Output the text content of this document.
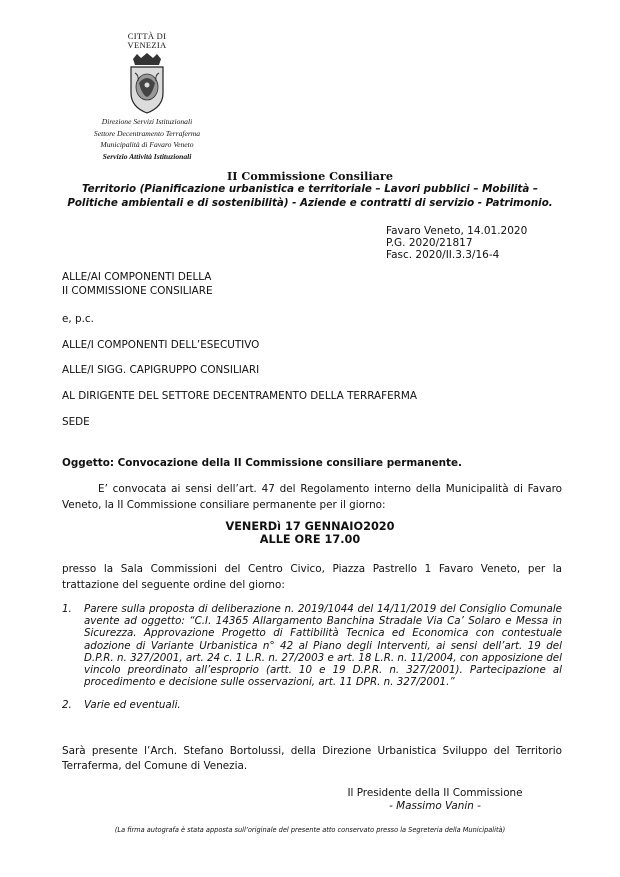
CITTÀ DI
VENEZIA
Direzione Servizi Istituzionali
Settore Decentramento Terraferma
Municipalità di Favaro Veneto
Servizio Attività Istituzionali
II Commissione Consiliare
Territorio (Pianificazione urbanistica e territoriale – Lavori pubblici – Mobilità –
Politiche ambientali e di sostenibilità) - Aziende e contratti di servizio - Patrimonio.
Favaro Veneto, 14.01.2020
P.G. 2020/21817
Fasc. 2020/II.3.3/16-4
ALLE/AI COMPONENTI DELLA
II COMMISSIONE CONSILIARE
e, p.c.
ALLE/I COMPONENTI DELL’ESECUTIVO
ALLE/I SIGG. CAPIGRUPPO CONSILIARI
AL DIRIGENTE DEL SETTORE DECENTRAMENTO DELLA TERRAFERMA
SEDE
Oggetto: Convocazione della II Commissione consiliare permanente.
E’ convocata ai sensi dell’art. 47 del Regolamento interno della Municipalità di Favaro Veneto, la II Commissione consiliare permanente per il giorno:
VENERDì 17 GENNAIO2020
ALLE ORE 17.00
presso la Sala Commissioni del Centro Civico, Piazza Pastrello 1 Favaro Veneto, per la trattazione del seguente ordine del giorno:
1.	Parere sulla proposta di deliberazione n. 2019/1044 del 14/11/2019 del Consiglio Comunale avente ad oggetto: “C.I. 14365 Allargamento Banchina Stradale Via Ca’ Solaro e Messa in Sicurezza. Approvazione Progetto di Fattibilità Tecnica ed Economica con contestuale adozione di Variante Urbanistica n° 42 al Piano degli Interventi, ai sensi dell’art. 19 del D.P.R. n. 327/2001, art. 24 c. 1 L.R. n. 27/2003 e art. 18 L.R. n. 11/2004, con apposizione del vincolo preordinato all’esproprio (artt. 10 e 19 D.P.R. n. 327/2001). Partecipazione al procedimento e decisione sulle osservazioni, art. 11 DPR. n. 327/2001.”
2.	Varie ed eventuali.
Sarà presente l’Arch. Stefano Bortolussi, della Direzione Urbanistica Sviluppo del Territorio Terraferma, del Comune di Venezia.
Il Presidente della II Commissione
- Massimo Vanin -
(La firma autografa è stata apposta sull’originale del presente atto conservato presso la Segreteria della Municipalità)
